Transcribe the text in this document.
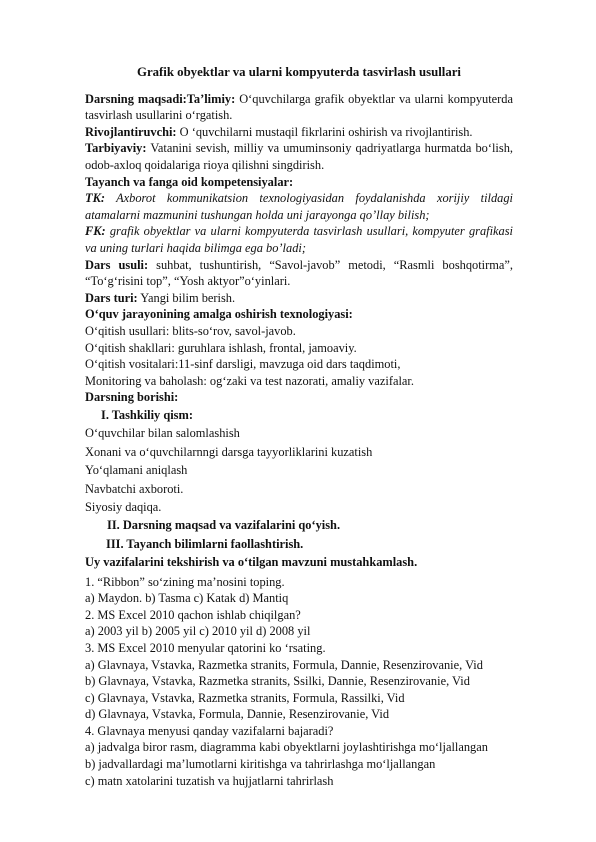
Grafik obyektlar va ularni kompyuterda tasvirlash usullari

Darsning maqsadi:Ta’limiy: O‘quvchilarga grafik obyektlar va ularni kompyuterda tasvirlash usullarini o‘rgatish.

Rivojlantiruvchi: O ‘quvchilarni mustaqil fikrlarini oshirish va rivojlantirish.

Tarbiyaviy: Vatanini sevish, milliy va umuminsoniy qadriyatlarga hurmatda bo‘lish, odob-axloq qoidalariga rioya qilishni singdirish.

Tayanch va fanga oid kompetensiyalar:

TK: Axborot kommunikatsion texnologiyasidan foydalanishda xorijiy tildagi atamalarni mazmunini tushungan holda uni jarayonga qo’llay bilish;

FK: grafik obyektlar va ularni kompyuterda tasvirlash usullari, kompyuter grafikasi va uning turlari haqida bilimga ega bo’ladi;

Dars usuli: suhbat, tushuntirish, “Savol-javob” metodi, “Rasmli boshqotirma”, “To‘g‘risini top”, “Yosh aktyor”o‘yinlari.

Dars turi: Yangi bilim berish.

O‘quv jarayonining amalga oshirish texnologiyasi:

O‘qitish usullari: blits-so‘rov, savol-javob.

O‘qitish shakllari: guruhlara ishlash, frontal, jamoaviy.

O‘qitish vositalari:11-sinf darsligi, mavzuga oid dars taqdimoti,

Monitoring va baholash: og‘zaki va test nazorati, amaliy vazifalar.

Darsning borishi:

I. Tashkiliy qism:

O‘quvchilar bilan salomlashish

Xonani va o‘quvchilarnngi darsga tayyorliklarini kuzatish

Yo‘qlamani aniqlash

Navbatchi axboroti.

Siyosiy daqiqa.

II. Darsning maqsad va vazifalarini qo‘yish.

III. Tayanch bilimlarni faollashtirish.

Uy vazifalarini tekshirish va o‘tilgan mavzuni mustahkamlash.

1. “Ribbon” so‘zining ma’nosini toping.

a) Maydon. b) Tasma c) Katak d) Mantiq

2. MS Excel 2010 qachon ishlab chiqilgan?

a) 2003 yil b) 2005 yil c) 2010 yil d) 2008 yil

3. MS Excel 2010 menyular qatorini ko ‘rsating.

a) Glavnaya, Vstavka, Razmetka stranits, Formula, Dannie, Resenzirovanie, Vid

b) Glavnaya, Vstavka, Razmetka stranits, Ssilki, Dannie, Resenzirovanie, Vid

c) Glavnaya, Vstavka, Razmetka stranits, Formula, Rassilki, Vid

d) Glavnaya, Vstavka, Formula, Dannie, Resenzirovanie, Vid

4. Glavnaya menyusi qanday vazifalarni bajaradi?

a) jadvalga biror rasm, diagramma kabi obyektlarni joylashtirishga mo‘ljallangan

b) jadvallardagi ma’lumotlarni kiritishga va tahrirlashga mo‘ljallangan

c) matn xatolarini tuzatish va hujjatlarni tahrirlash
